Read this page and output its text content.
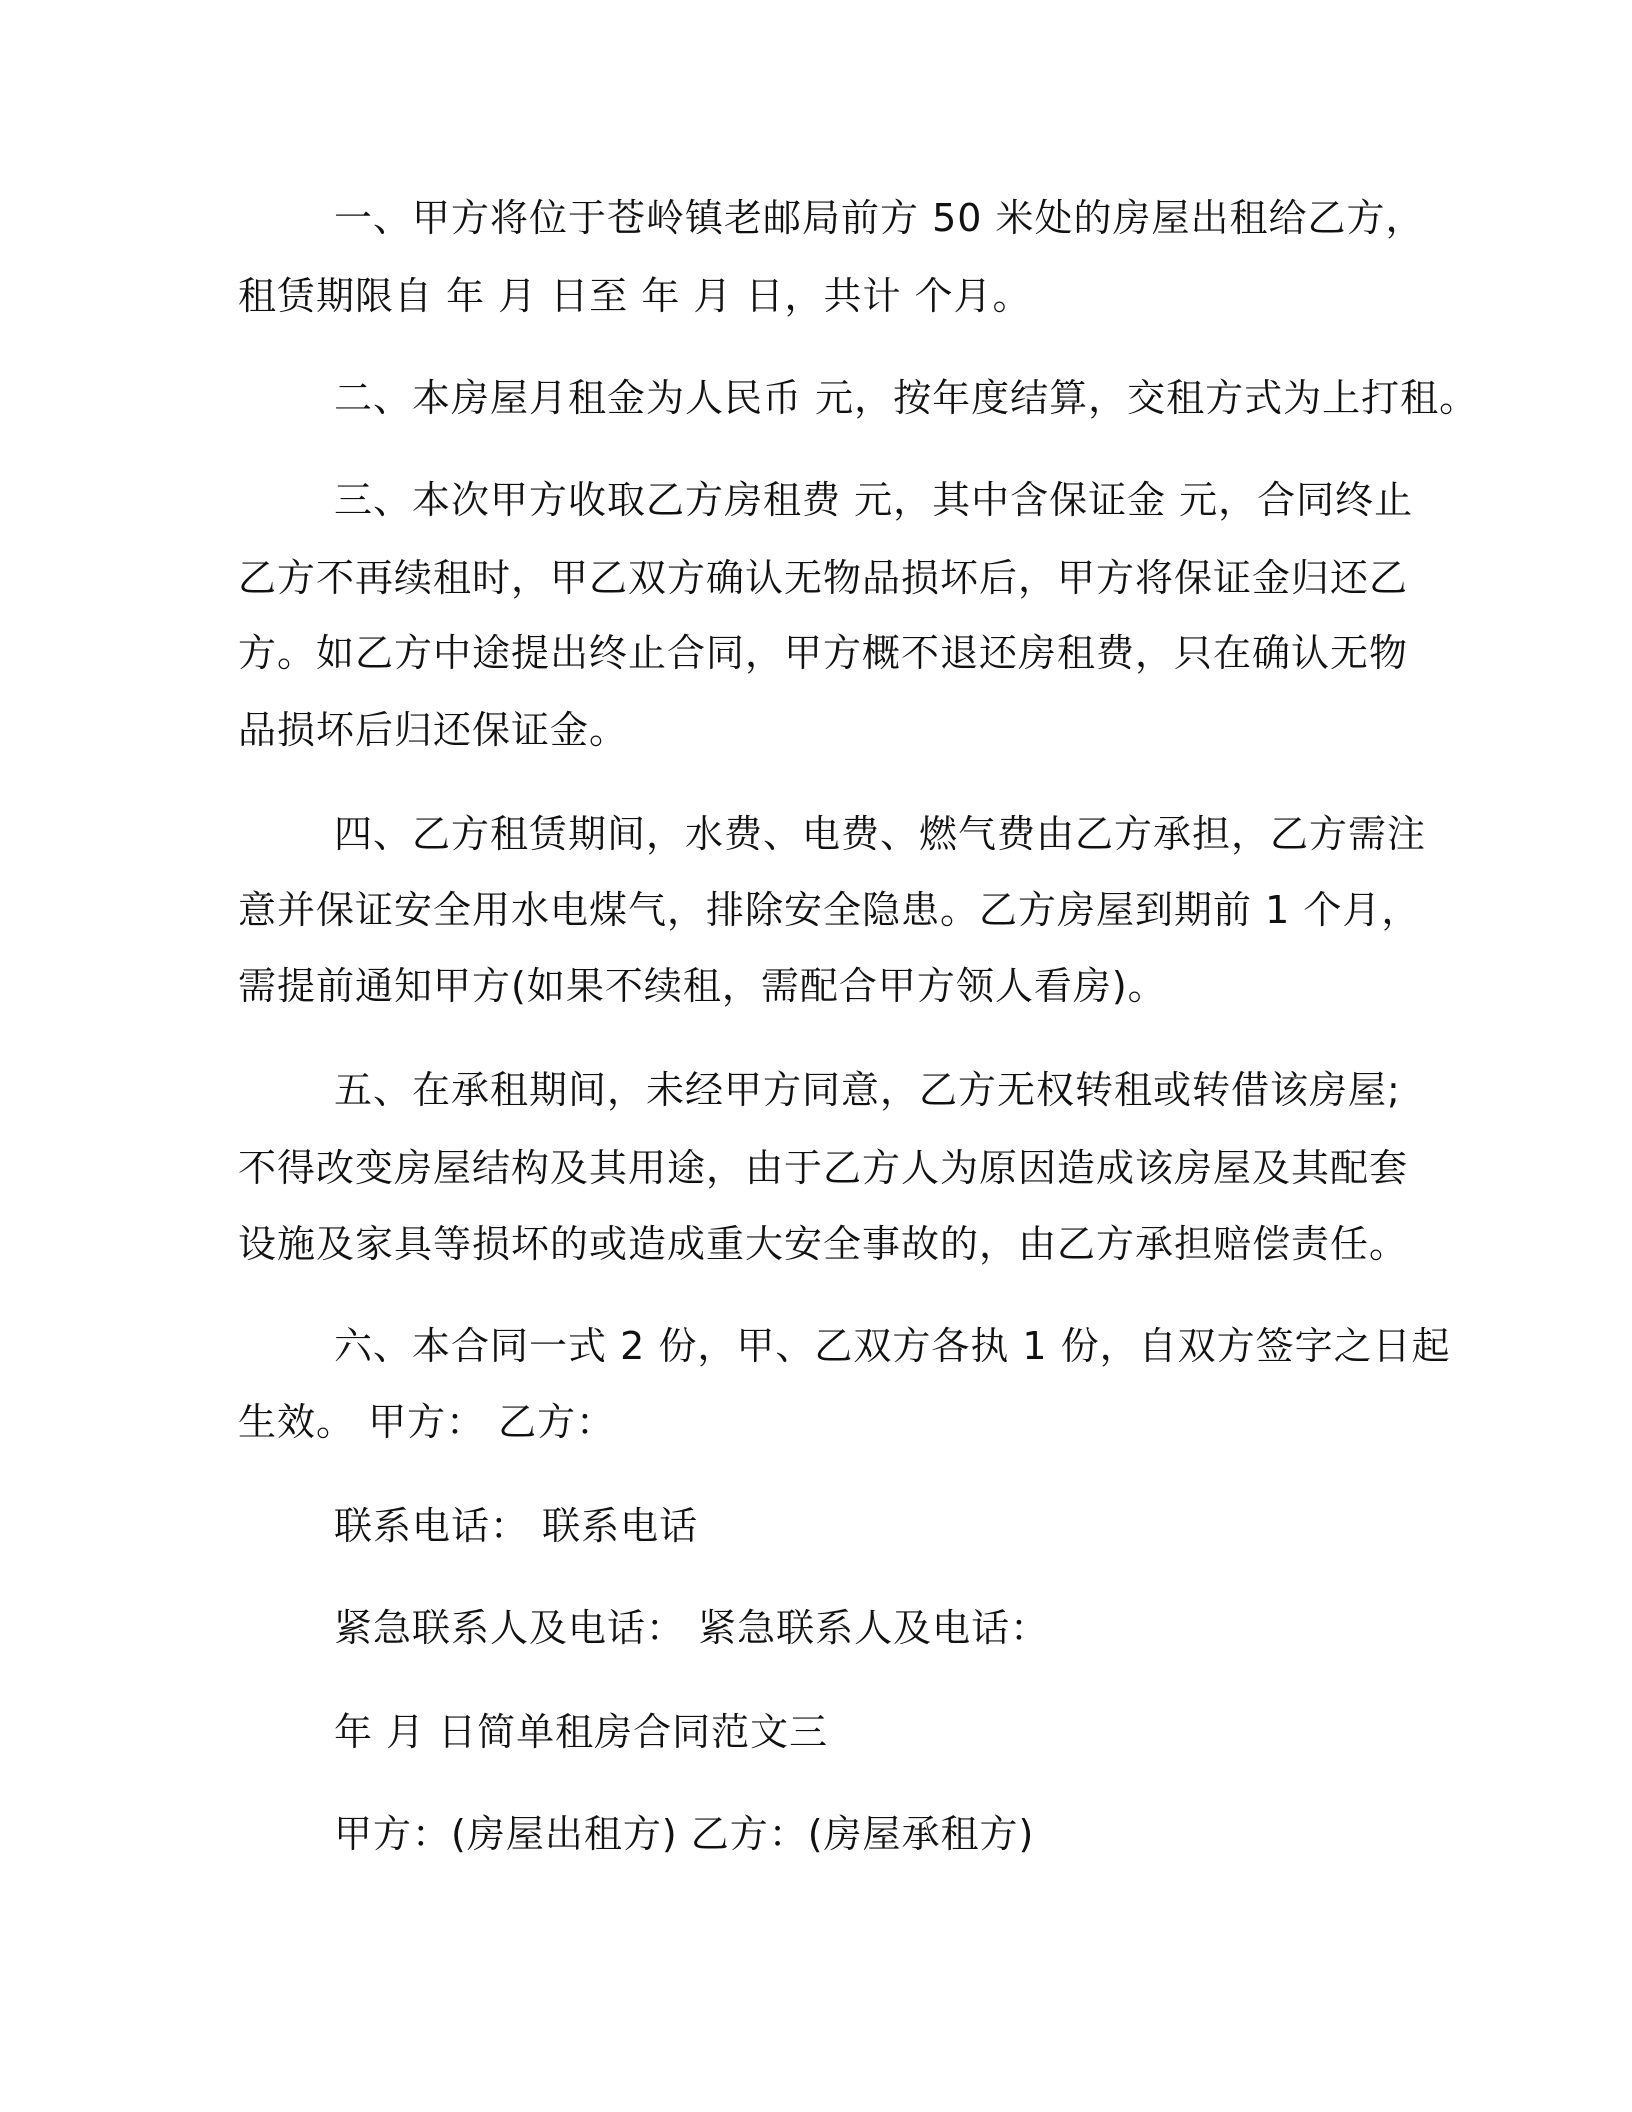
一、甲方将位于苍岭镇老邮局前方 50 米处的房屋出租给乙方，
租赁期限自 年 月 日至 年 月 日，共计 个月。
二、本房屋月租金为人民币 元，按年度结算，交租方式为上打租。
三、本次甲方收取乙方房租费 元，其中含保证金 元，合同终止
乙方不再续租时，甲乙双方确认无物品损坏后，甲方将保证金归还乙
方。如乙方中途提出终止合同，甲方概不退还房租费，只在确认无物
品损坏后归还保证金。
四、乙方租赁期间，水费、电费、燃气费由乙方承担，乙方需注
意并保证安全用水电煤气，排除安全隐患。乙方房屋到期前 1 个月，
需提前通知甲方(如果不续租，需配合甲方领人看房)。
五、在承租期间，未经甲方同意，乙方无权转租或转借该房屋;
不得改变房屋结构及其用途，由于乙方人为原因造成该房屋及其配套
设施及家具等损坏的或造成重大安全事故的，由乙方承担赔偿责任。
六、本合同一式 2 份，甲、乙双方各执 1 份，自双方签字之日起
生效。 甲方： 乙方：
联系电话： 联系电话
紧急联系人及电话： 紧急联系人及电话：
年 月 日简单租房合同范文三
甲方：(房屋出租方) 乙方：(房屋承租方)
